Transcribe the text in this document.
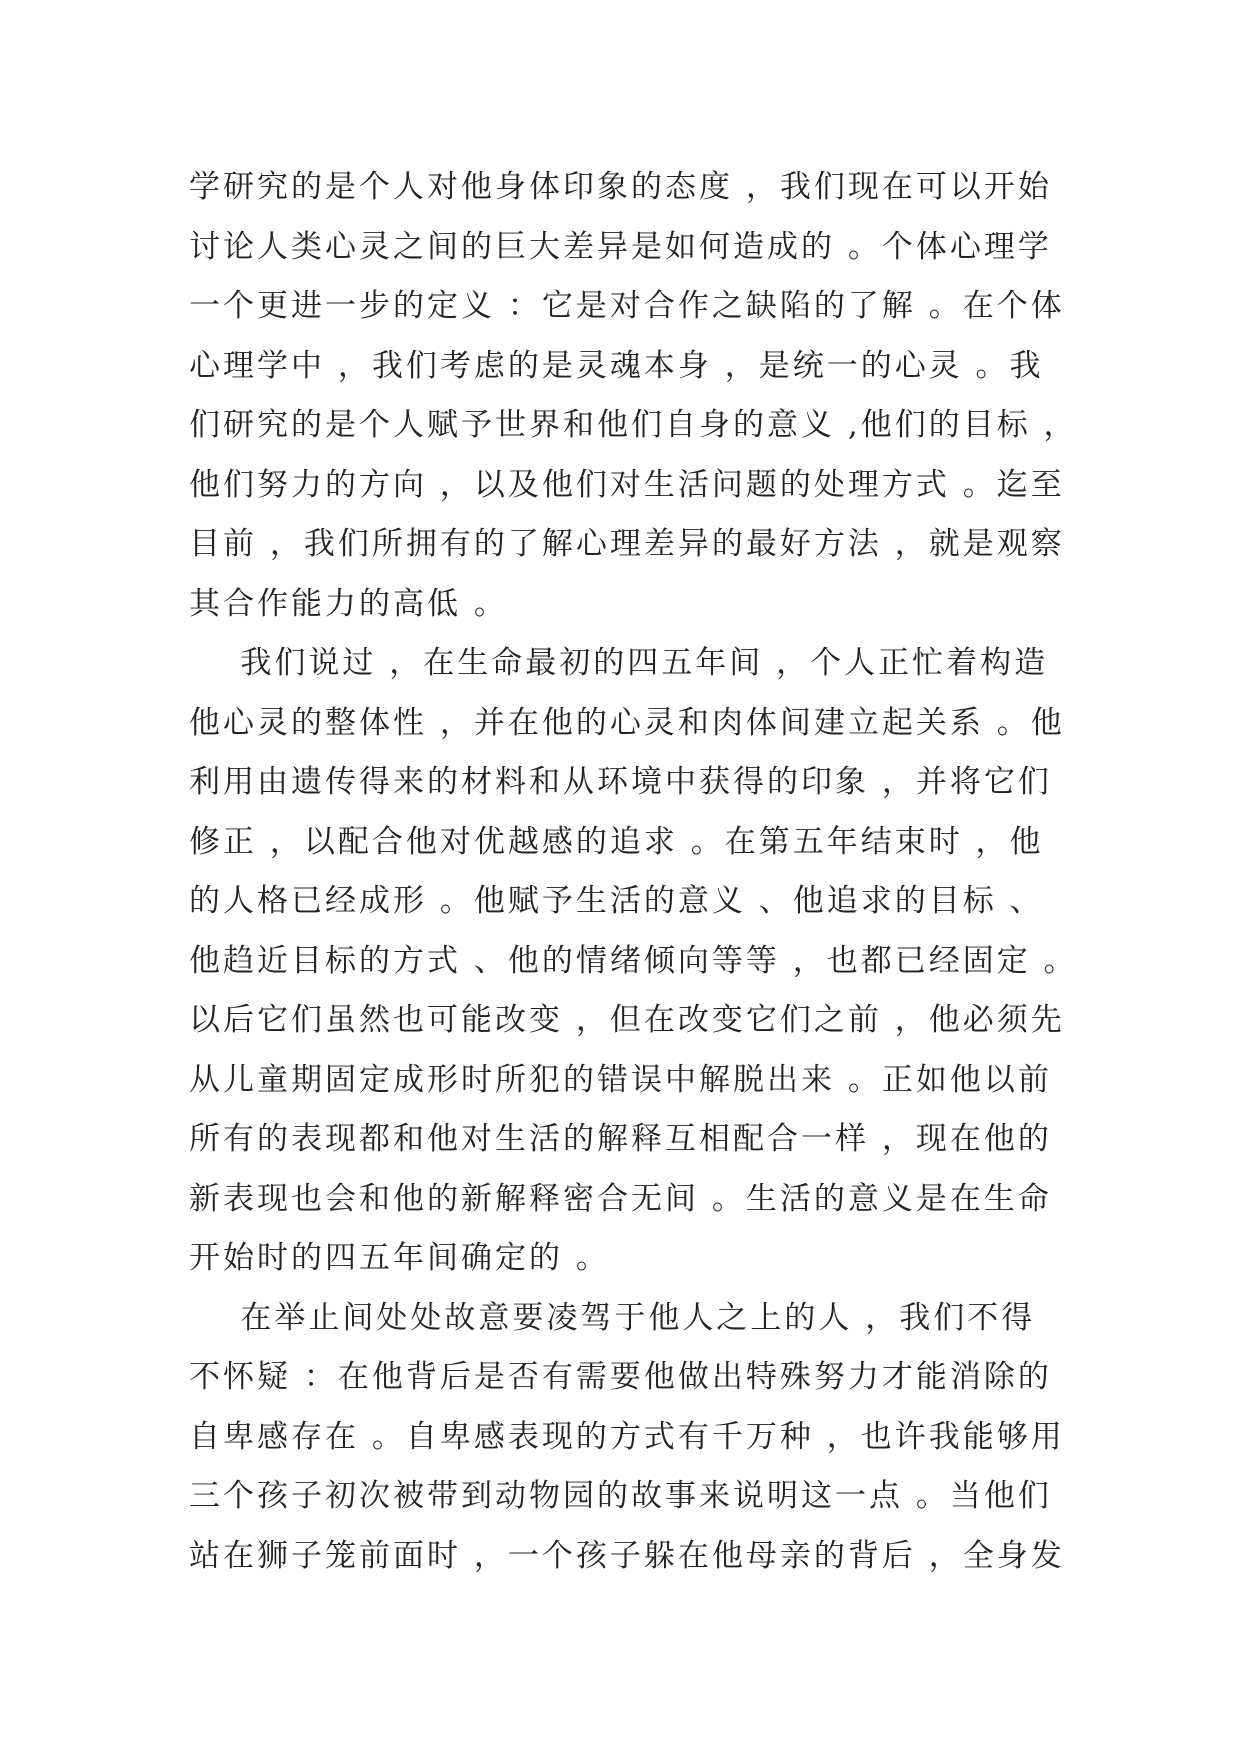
学研究的是个人对他身体印象的态度 ，我们现在可以开始
讨论人类心灵之间的巨大差异是如何造成的 。个体心理学
一个更进一步的定义 ：它是对合作之缺陷的了解 。在个体
心理学中 ，我们考虑的是灵魂本身 ，是统一的心灵 。我
们研究的是个人赋予世界和他们自身的意义 ,他们的目标 ，
他们努力的方向 ，以及他们对生活问题的处理方式 。迄至
目前 ，我们所拥有的了解心理差异的最好方法 ，就是观察
其合作能力的高低 。
我们说过 ，在生命最初的四五年间 ，个人正忙着构造
他心灵的整体性 ，并在他的心灵和肉体间建立起关系 。他
利用由遗传得来的材料和从环境中获得的印象 ，并将它们
修正 ，以配合他对优越感的追求 。在第五年结束时 ，他
的人格已经成形 。他赋予生活的意义 、他追求的目标 、
他趋近目标的方式 、他的情绪倾向等等 ，也都已经固定 。
以后它们虽然也可能改变 ，但在改变它们之前 ，他必须先
从儿童期固定成形时所犯的错误中解脱出来 。正如他以前
所有的表现都和他对生活的解释互相配合一样 ，现在他的
新表现也会和他的新解释密合无间 。生活的意义是在生命
开始时的四五年间确定的 。
在举止间处处故意要凌驾于他人之上的人 ，我们不得
不怀疑 ：在他背后是否有需要他做出特殊努力才能消除的
自卑感存在 。自卑感表现的方式有千万种 ，也许我能够用
三个孩子初次被带到动物园的故事来说明这一点 。当他们
站在狮子笼前面时 ，一个孩子躲在他母亲的背后 ，全身发
